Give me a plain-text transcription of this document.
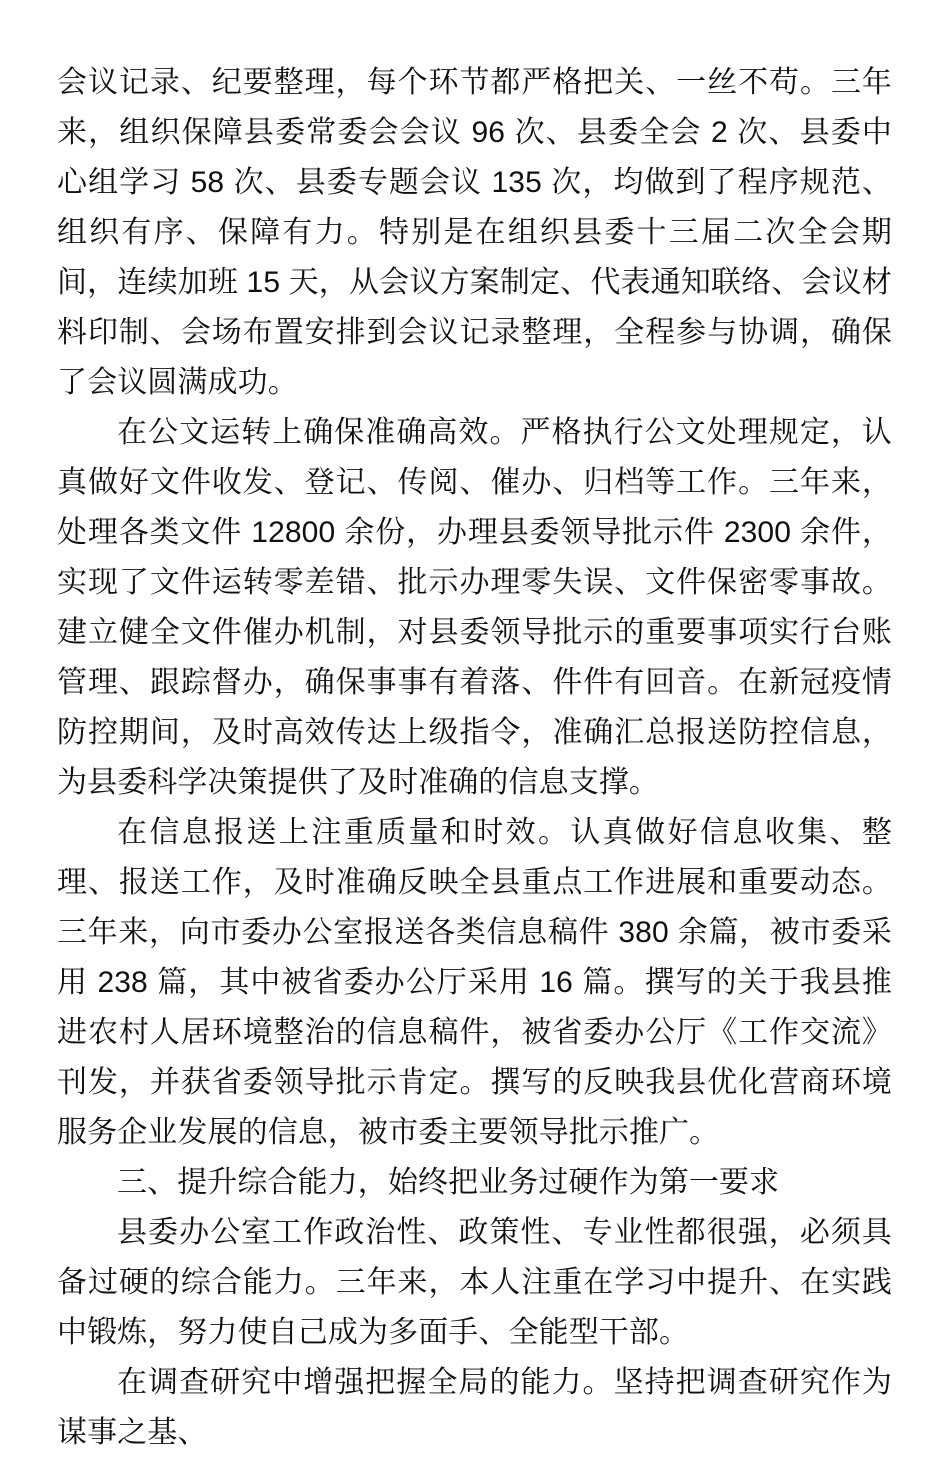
会议记录、纪要整理，每个环节都严格把关、一丝不苟。三年来，组织保障县委常委会会议 96 次、县委全会 2 次、县委中心组学习 58 次、县委专题会议 135 次，均做到了程序规范、组织有序、保障有力。特别是在组织县委十三届二次全会期间，连续加班 15 天，从会议方案制定、代表通知联络、会议材料印制、会场布置安排到会议记录整理，全程参与协调，确保了会议圆满成功。

在公文运转上确保准确高效。严格执行公文处理规定，认真做好文件收发、登记、传阅、催办、归档等工作。三年来，处理各类文件 12800 余份，办理县委领导批示件 2300 余件，实现了文件运转零差错、批示办理零失误、文件保密零事故。建立健全文件催办机制，对县委领导批示的重要事项实行台账管理、跟踪督办，确保事事有着落、件件有回音。在新冠疫情防控期间，及时高效传达上级指令，准确汇总报送防控信息，为县委科学决策提供了及时准确的信息支撑。

在信息报送上注重质量和时效。认真做好信息收集、整理、报送工作，及时准确反映全县重点工作进展和重要动态。三年来，向市委办公室报送各类信息稿件 380 余篇，被市委采用 238 篇，其中被省委办公厅采用 16 篇。撰写的关于我县推进农村人居环境整治的信息稿件，被省委办公厅《工作交流》刊发，并获省委领导批示肯定。撰写的反映我县优化营商环境服务企业发展的信息，被市委主要领导批示推广。

三、提升综合能力，始终把业务过硬作为第一要求

县委办公室工作政治性、政策性、专业性都很强，必须具备过硬的综合能力。三年来，本人注重在学习中提升、在实践中锻炼，努力使自己成为多面手、全能型干部。

在调查研究中增强把握全局的能力。坚持把调查研究作为谋事之基、
